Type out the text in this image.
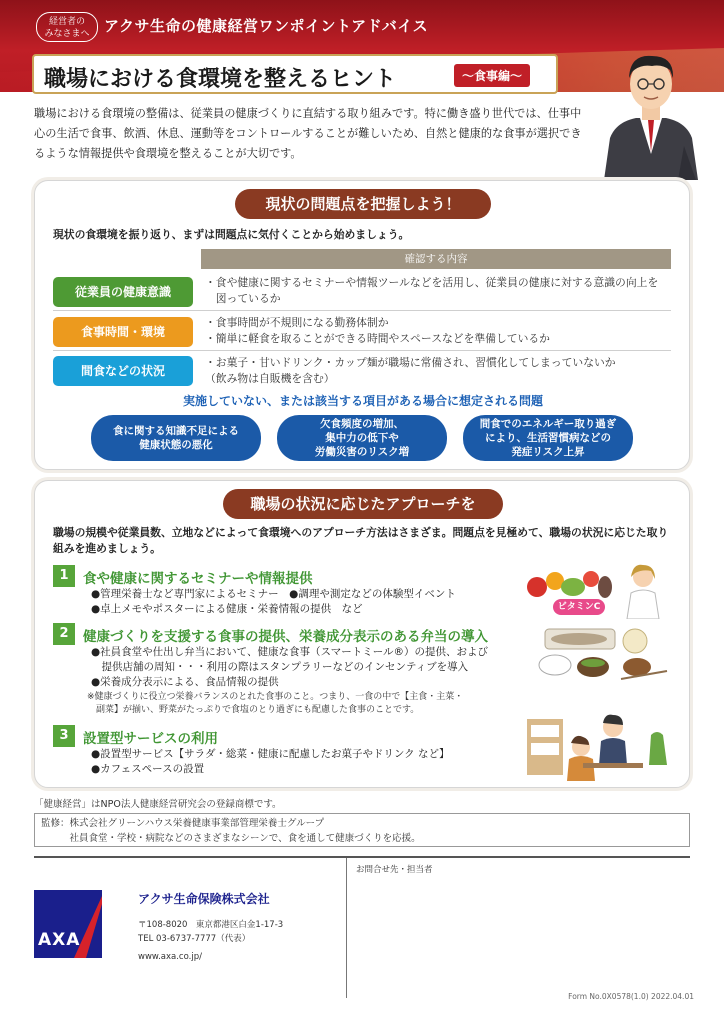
経営者の
みなさまへ アクサ生命の健康経営ワンポイントアドバイス
職場における食環境を整えるヒント	〜食事編〜
職場における食環境の整備は、従業員の健康づくりに直結する取り組みです。特に働き盛り世代では、仕事中心の生活で食事、飲酒、休息、運動等をコントロールすることが難しいため、自然と健康的な食事が選択できるような情報提供や食環境を整えることが大切です。
現状の問題点を把握しよう！
現状の食環境を振り返り、まずは問題点に気付くことから始めましょう。
確認する内容
従業員の健康意識
・食や健康に関するセミナーや情報ツールなどを活用し、従業員の健康に対する意識の向上を
　図っているか
食事時間・環境
・食事時間が不規則になる勤務体制か
・簡単に軽食を取ることができる時間やスペースなどを準備しているか
間食などの状況
・お菓子・甘いドリンク・カップ麺が職場に常備され、習慣化してしまっていないか
（飲み物は自販機を含む）
実施していない、または該当する項目がある場合に想定される問題
食に関する知識不足による
健康状態の悪化
欠食頻度の増加、
集中力の低下や
労働災害のリスク増
間食でのエネルギー取り過ぎ
により、生活習慣病などの
発症リスク上昇
職場の状況に応じたアプローチを
職場の規模や従業員数、立地などによって食環境へのアプローチ方法はさまざま。問題点を見極めて、職場の状況に応じた取り組みを進めましょう。
1	食や健康に関するセミナーや情報提供
●管理栄養士など専門家によるセミナー　●調理や測定などの体験型イベント
●卓上メモやポスターによる健康・栄養情報の提供　など
2	健康づくりを支援する食事の提供、栄養成分表示のある弁当の導入
●社員食堂や仕出し弁当において、健康な食事（スマートミール®）の提供、および
　提供店舗の周知・・・利用の際はスタンプラリーなどのインセンティブを導入
●栄養成分表示による、食品情報の提供
※健康づくりに役立つ栄養バランスのとれた食事のこと。つまり、一食の中で【主食・主菜・
　副菜】が揃い、野菜がたっぷりで食塩のとり過ぎにも配慮した食事のことです。
3	設置型サービスの利用
●設置型サービス【サラダ・総菜・健康に配慮したお菓子やドリンク など】
●カフェスペースの設置
ビタミンC
「健康経営」はNPO法人健康経営研究会の登録商標です。
監修：株式会社グリーンハウス栄養健康事業部管理栄養士グループ
　　　社員食堂・学校・病院などのさまざまなシーンで、食を通して健康づくりを応援。
AXA
アクサ生命保険株式会社
〒108-8020　東京都港区白金1-17-3
TEL 03-6737-7777（代表）
www.axa.co.jp/
お問合せ先・担当者
Form No.0X0578(1.0) 2022.04.01
